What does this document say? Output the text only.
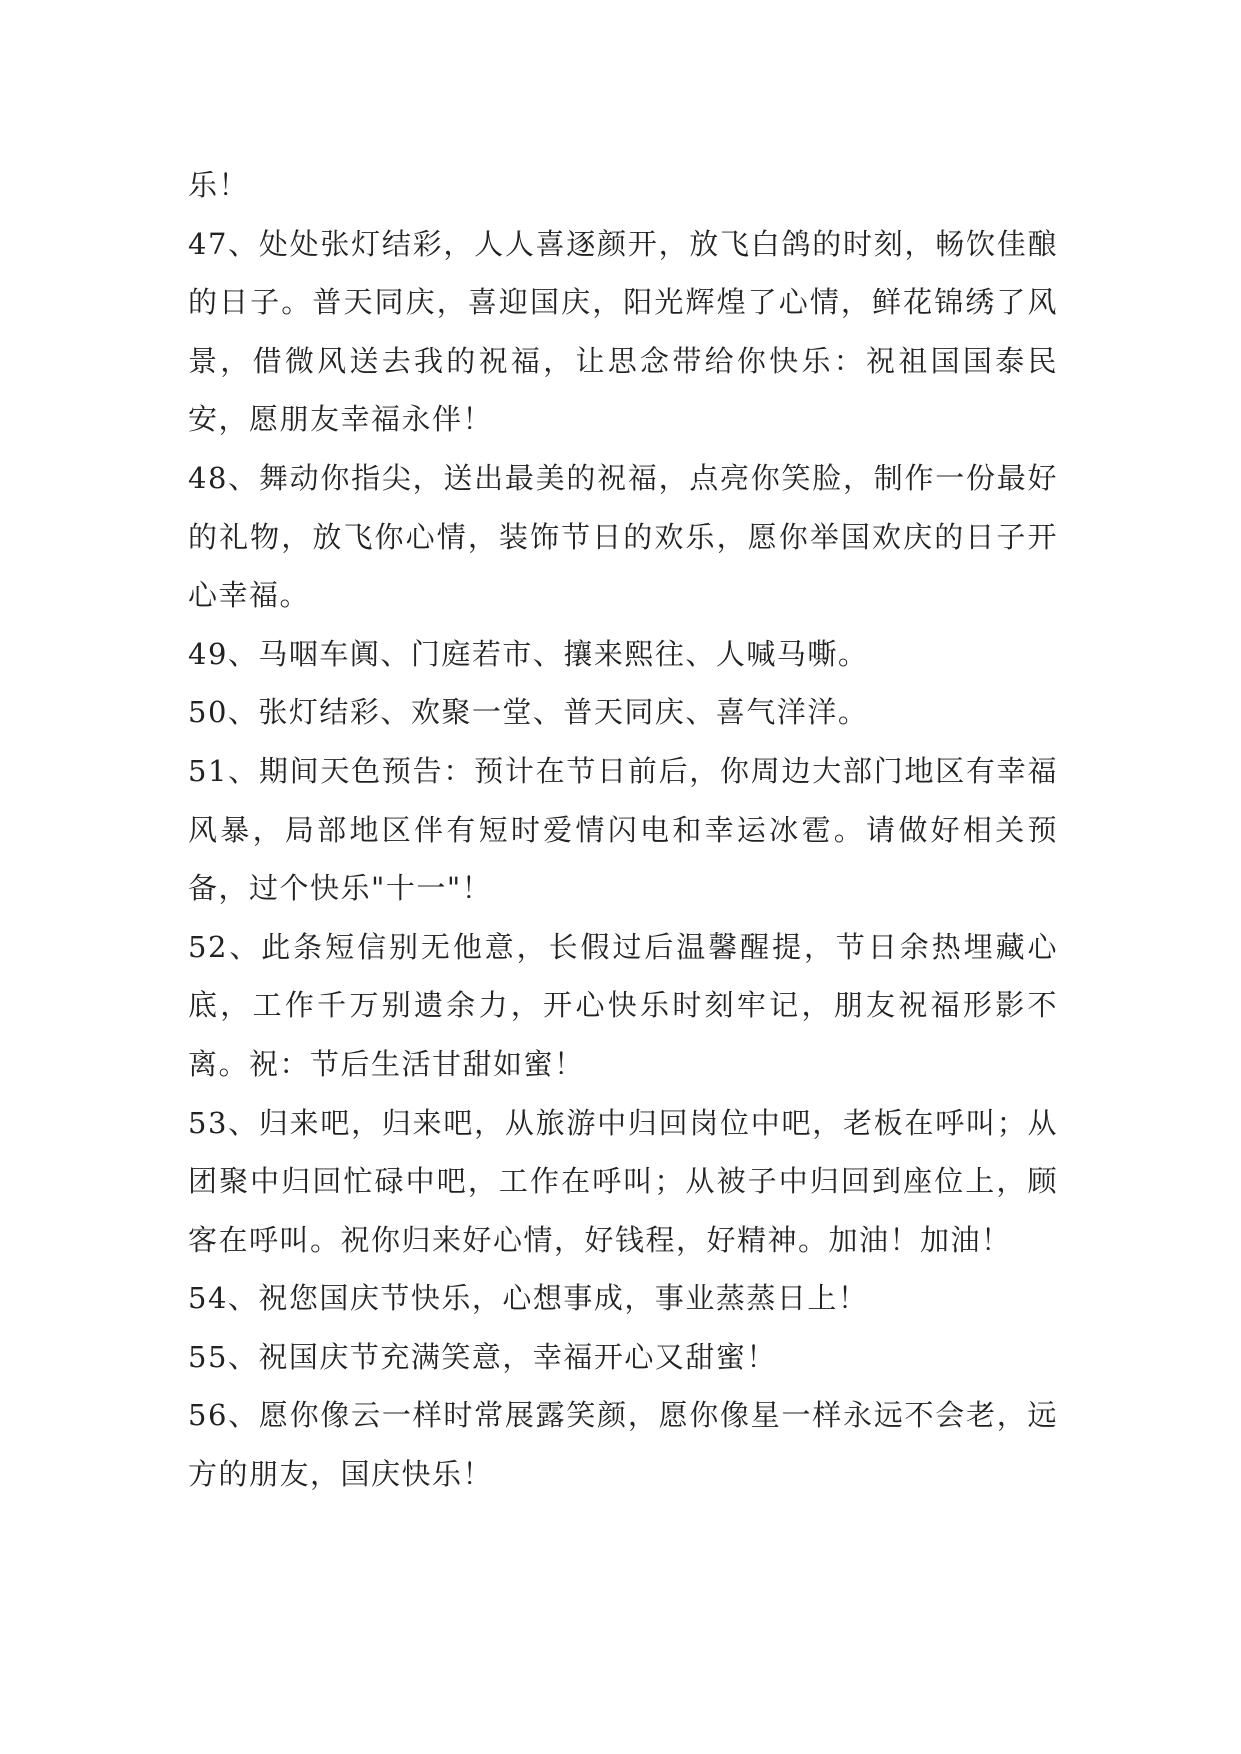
乐！

47、处处张灯结彩，人人喜逐颜开，放飞白鸽的时刻，畅饮佳酿的日子。普天同庆，喜迎国庆，阳光辉煌了心情，鲜花锦绣了风景，借微风送去我的祝福，让思念带给你快乐：祝祖国国泰民安，愿朋友幸福永伴！

48、舞动你指尖，送出最美的祝福，点亮你笑脸，制作一份最好的礼物，放飞你心情，装饰节日的欢乐，愿你举国欢庆的日子开心幸福。

49、马咽车阗、门庭若市、攘来熙往、人喊马嘶。

50、张灯结彩、欢聚一堂、普天同庆、喜气洋洋。

51、期间天色预告：预计在节日前后，你周边大部门地区有幸福风暴，局部地区伴有短时爱情闪电和幸运冰雹。请做好相关预备，过个快乐"十一"！

52、此条短信别无他意，长假过后温馨醒提，节日余热埋藏心底，工作千万别遗余力，开心快乐时刻牢记，朋友祝福形影不离。祝：节后生活甘甜如蜜！

53、归来吧，归来吧，从旅游中归回岗位中吧，老板在呼叫；从团聚中归回忙碌中吧，工作在呼叫；从被子中归回到座位上，顾客在呼叫。祝你归来好心情，好钱程，好精神。加油！加油！

54、祝您国庆节快乐，心想事成，事业蒸蒸日上！

55、祝国庆节充满笑意，幸福开心又甜蜜！

56、愿你像云一样时常展露笑颜，愿你像星一样永远不会老，远方的朋友，国庆快乐！
